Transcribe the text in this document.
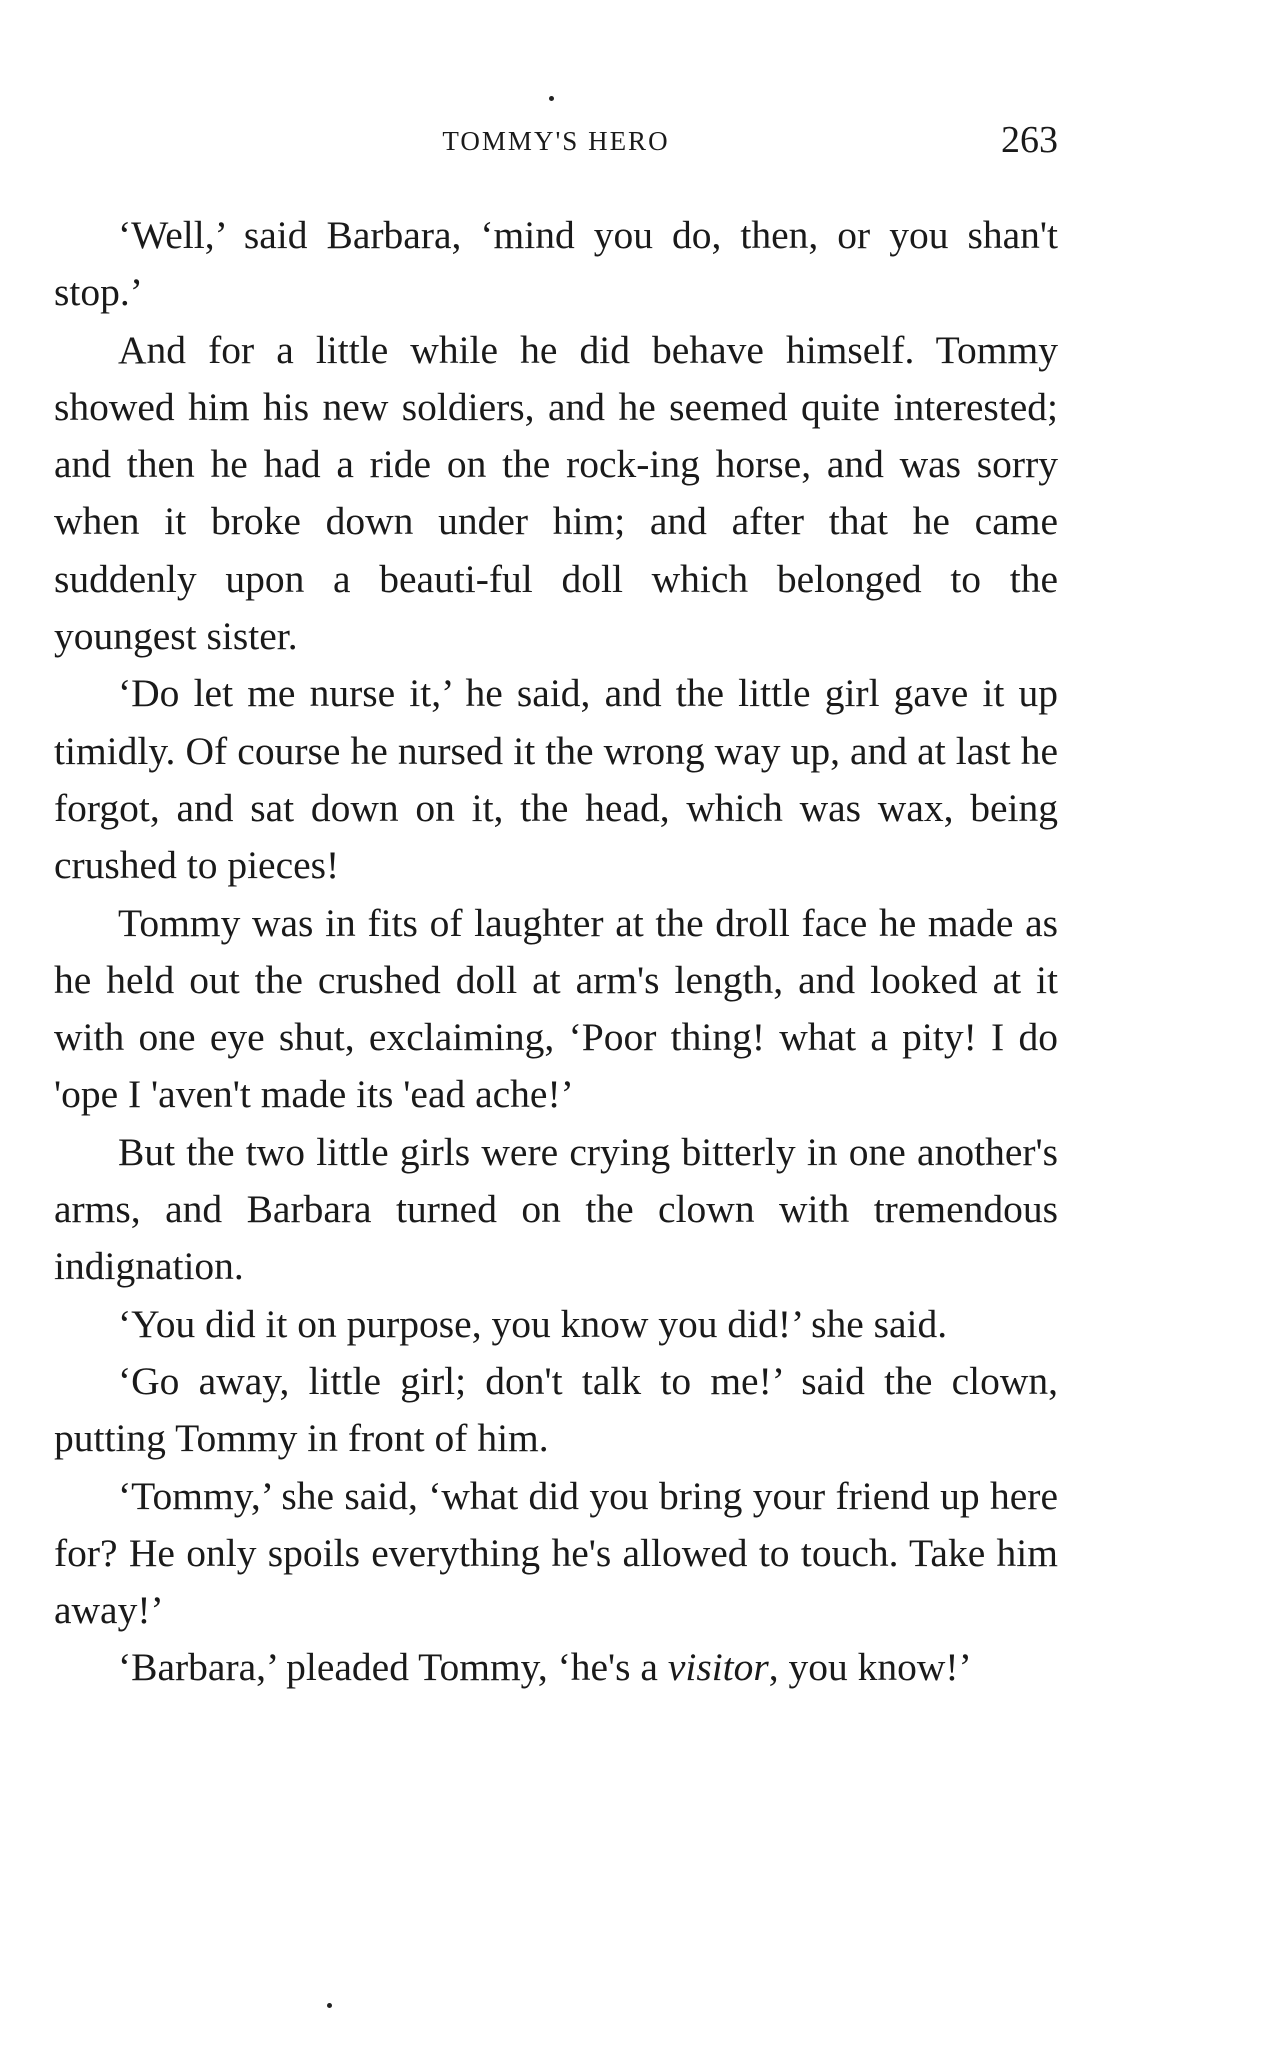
TOMMY'S HERO	263

‘Well,’ said Barbara, ‘mind you do, then, or you shan't stop.’

And for a little while he did behave himself. Tommy showed him his new soldiers, and he seemed quite interested; and then he had a ride on the rock-ing horse, and was sorry when it broke down under him; and after that he came suddenly upon a beauti-ful doll which belonged to the youngest sister.

‘Do let me nurse it,’ he said, and the little girl gave it up timidly. Of course he nursed it the wrong way up, and at last he forgot, and sat down on it, the head, which was wax, being crushed to pieces!

Tommy was in fits of laughter at the droll face he made as he held out the crushed doll at arm's length, and looked at it with one eye shut, exclaiming, ‘Poor thing! what a pity! I do 'ope I 'aven't made its 'ead ache!’

But the two little girls were crying bitterly in one another's arms, and Barbara turned on the clown with tremendous indignation.

‘You did it on purpose, you know you did!’ she said.

‘Go away, little girl; don't talk to me!’ said the clown, putting Tommy in front of him.

‘Tommy,’ she said, ‘what did you bring your friend up here for? He only spoils everything he's allowed to touch. Take him away!’

‘Barbara,’ pleaded Tommy, ‘he's a visitor, you know!’
